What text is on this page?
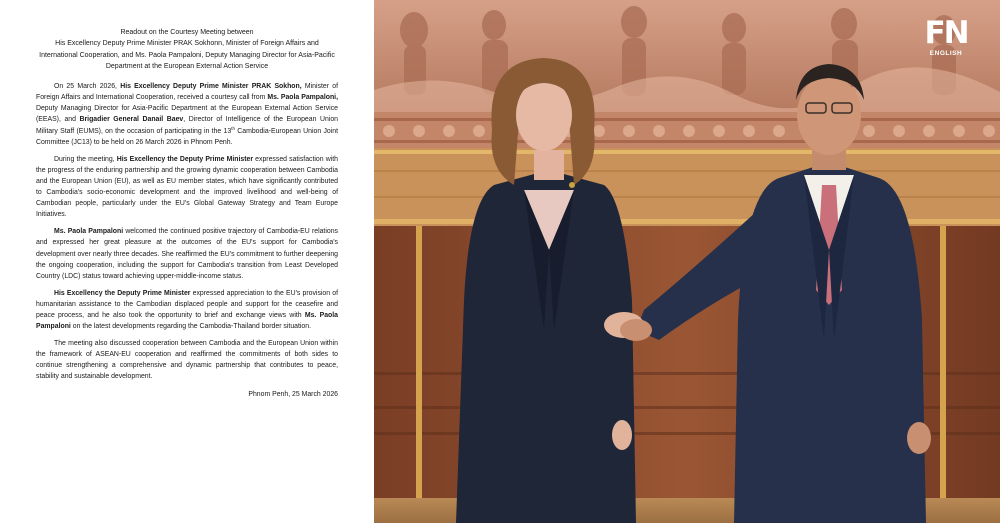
Readout on the Courtesy Meeting between
His Excellency Deputy Prime Minister PRAK Sokhonn, Minister of Foreign Affairs and
International Cooperation, and Ms. Paola Pampaloni, Deputy Managing Director for Asia-Pacific
Department at the European External Action Service

On 25 March 2026, His Excellency Deputy Prime Minister PRAK Sokhon, Minister of Foreign Affairs and International Cooperation, received a courtesy call from Ms. Paola Pampaloni, Deputy Managing Director for Asia-Pacific Department at the European External Action Service (EEAS), and Brigadier General Danail Baev, Director of Intelligence of the European Union Military Staff (EUMS), on the occasion of participating in the 13th Cambodia-European Union Joint Committee (JC13) to be held on 26 March 2026 in Phnom Penh.

During the meeting, His Excellency the Deputy Prime Minister expressed satisfaction with the progress of the enduring partnership and the growing dynamic cooperation between Cambodia and the European Union (EU), as well as EU member states, which have significantly contributed to Cambodia's socio-economic development and the improved livelihood and well-being of Cambodian people, particularly under the EU's Global Gateway Strategy and Team Europe Initiatives.

Ms. Paola Pampaloni welcomed the continued positive trajectory of Cambodia-EU relations and expressed her great pleasure at the outcomes of the EU's support for Cambodia's development over nearly three decades. She reaffirmed the EU's commitment to further deepening the ongoing cooperation, including the support for Cambodia's transition from Least Developed Country (LDC) status toward achieving upper-middle-income status.

His Excellency the Deputy Prime Minister expressed appreciation to the EU's provision of humanitarian assistance to the Cambodian displaced people and support for the ceasefire and peace process, and he also took the opportunity to brief and exchange views with Ms. Paola Pampaloni on the latest developments regarding the Cambodia-Thailand border situation.

The meeting also discussed cooperation between Cambodia and the European Union within the framework of ASEAN-EU cooperation and reaffirmed the commitments of both sides to continue strengthening a comprehensive and dynamic partnership that contributes to peace, stability and sustainable development.

Phnom Penh, 25 March 2026
FN
ENGLISH
